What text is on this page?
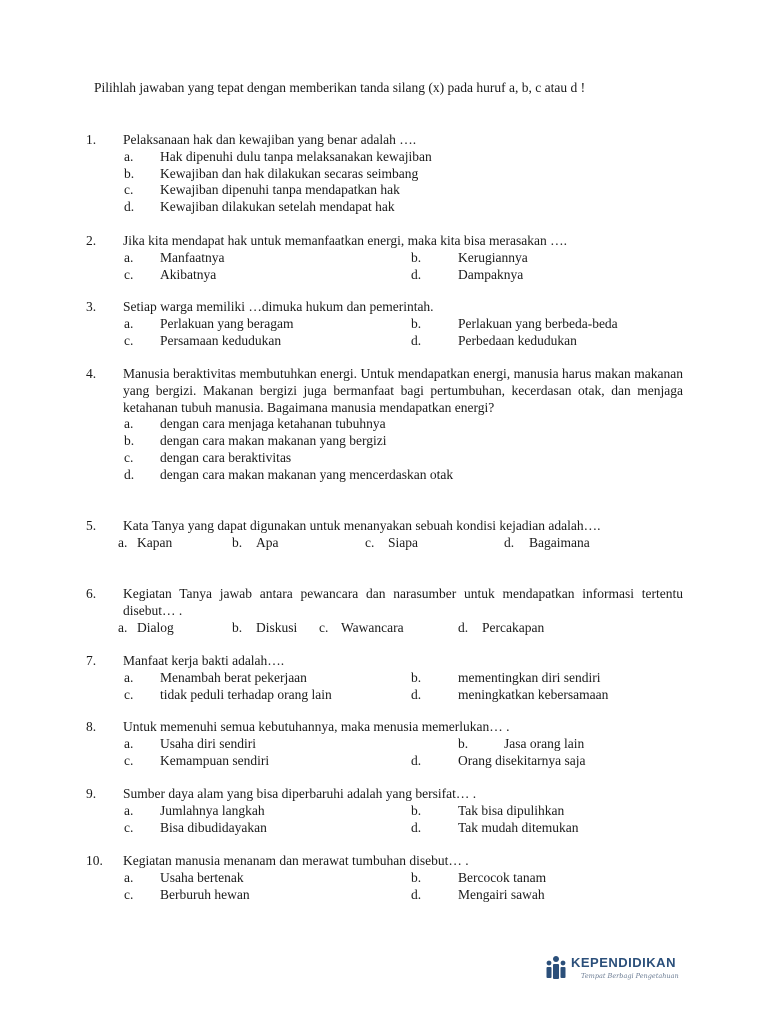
Pilihlah jawaban yang tepat dengan memberikan tanda silang (x) pada huruf a, b, c atau d !
1. Pelaksanaan hak dan kewajiban yang benar adalah ….
a. Hak dipenuhi dulu tanpa melaksanakan kewajiban
b. Kewajiban dan hak dilakukan secaras seimbang
c. Kewajiban dipenuhi tanpa mendapatkan hak
d. Kewajiban dilakukan setelah mendapat hak
2. Jika kita mendapat hak untuk memanfaatkan energi, maka kita bisa merasakan ….
a. Manfaatnya	b.	Kerugiannya
c. Akibatnya	d.	Dampaknya
3. Setiap warga memiliki …dimuka hukum dan pemerintah.
a. Perlakuan yang beragam	b.	Perlakuan yang berbeda-beda
c. Persamaan kedudukan	d.	Perbedaan kedudukan
4. Manusia beraktivitas membutuhkan energi. Untuk mendapatkan energi, manusia harus makan makanan yang bergizi. Makanan bergizi juga bermanfaat bagi pertumbuhan, kecerdasan otak, dan menjaga ketahanan tubuh manusia. Bagaimana manusia mendapatkan energi?
a. dengan cara menjaga ketahanan tubuhnya
b. dengan cara makan makanan yang bergizi
c. dengan cara beraktivitas
d. dengan cara makan makanan yang mencerdaskan otak
5. Kata Tanya yang dapat digunakan untuk menanyakan sebuah kondisi kejadian adalah….
a. Kapan	b. Apa	c. Siapa	d. Bagaimana
6. Kegiatan Tanya jawab antara pewancara dan narasumber untuk mendapatkan informasi tertentu disebut… .
a. Dialog	b. Diskusi c. Wawancara	d. Percakapan
7. Manfaat kerja bakti adalah….
a. Menambah berat pekerjaan	b.	mementingkan diri sendiri
c. tidak peduli terhadap orang lain	d.	meningkatkan kebersamaan
8. Untuk memenuhi semua kebutuhannya, maka menusia memerlukan… .
a. Usaha diri sendiri	b.	Jasa orang lain
c. Kemampuan sendiri	d.	Orang disekitarnya saja
9. Sumber daya alam yang bisa diperbaruhi adalah yang bersifat… .
a. Jumlahnya langkah	b.	Tak bisa dipulihkan
c. Bisa dibudidayakan	d.	Tak mudah ditemukan
10. Kegiatan manusia menanam dan merawat tumbuhan disebut… .
a. Usaha bertenak	b.	Bercocok tanam
c. Berburuh hewan	d.	Mengairi sawah
KEPENDIDIKAN
Tempat Berbagi Pengetahuan
